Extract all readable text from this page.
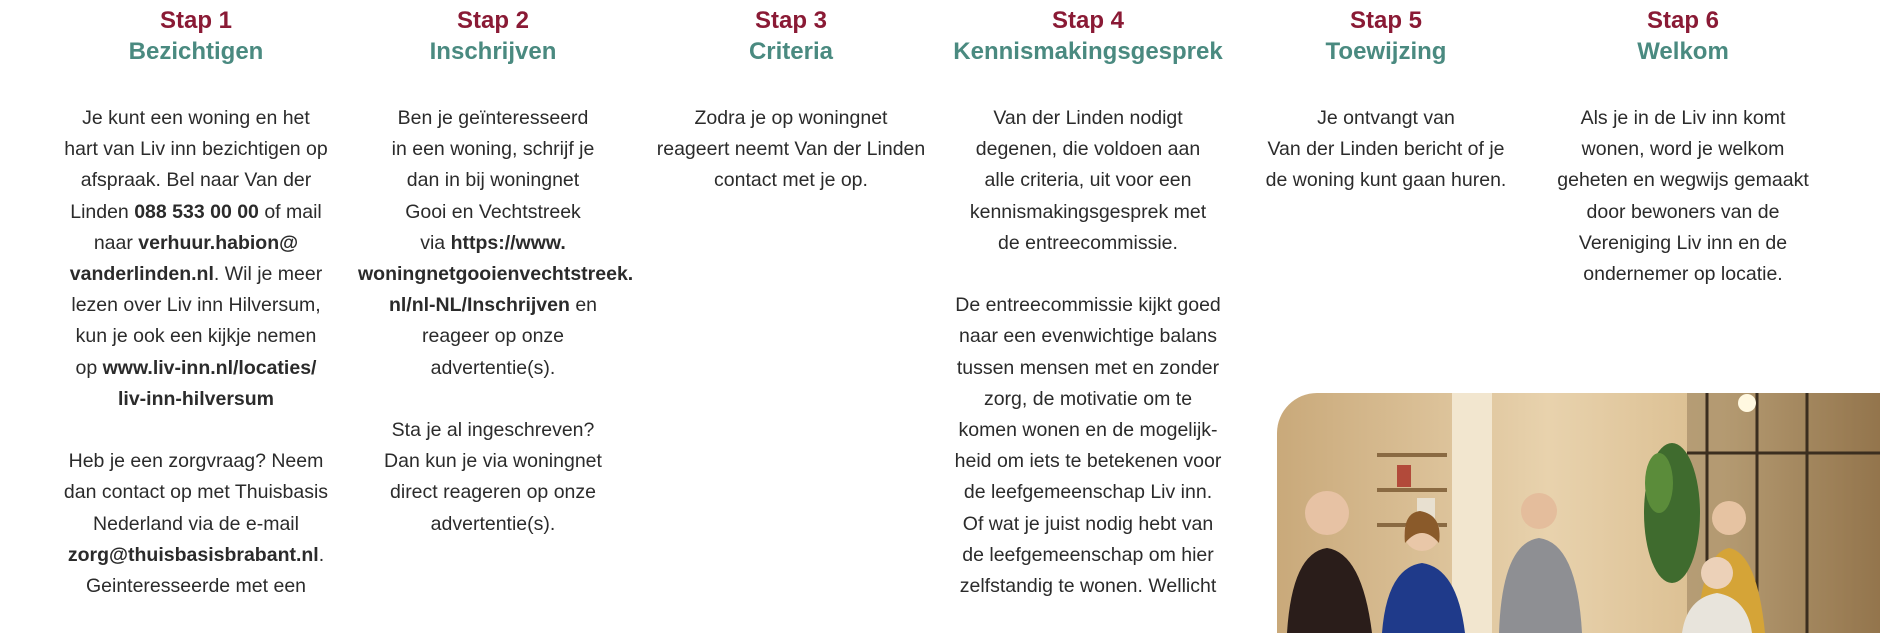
Stap 1
Bezichtigen

Je kunt een woning en het
hart van Liv inn bezichtigen op
afspraak. Bel naar Van der
Linden 088 533 00 00 of mail
naar verhuur.habion@
vanderlinden.nl. Wil je meer
lezen over Liv inn Hilversum,
kun je ook een kijkje nemen
op www.liv-inn.nl/locaties/
liv-inn-hilversum

Heb je een zorgvraag? Neem
dan contact op met Thuisbasis
Nederland via de e-mail
zorg@thuisbasisbrabant.nl.
Geinteresseerde met een

Stap 2
Inschrijven

Ben je geïnteresseerd
in een woning, schrijf je
dan in bij woningnet
Gooi en Vechtstreek
via https://www.
woningnetgooienvechtstreek.
nl/nl-NL/Inschrijven en
reageer op onze advertentie(s).

Sta je al ingeschreven?
Dan kun je via woningnet
direct reageren op onze
advertentie(s).

Stap 3
Criteria

Zodra je op woningnet
reageert neemt Van der Linden
contact met je op.

Stap 4
Kennismakingsgesprek

Van der Linden nodigt
degenen, die voldoen aan
alle criteria, uit voor een
kennismakingsgesprek met
de entreecommissie.

De entreecommissie kijkt goed
naar een evenwichtige balans
tussen mensen met en zonder
zorg, de motivatie om te
komen wonen en de mogelijk-
heid om iets te betekenen voor
de leefgemeenschap Liv inn.
Of wat je juist nodig hebt van
de leefgemeenschap om hier
zelfstandig te wonen. Wellicht

Stap 5
Toewijzing

Je ontvangt van
Van der Linden bericht of je
de woning kunt gaan huren.

Stap 6
Welkom

Als je in de Liv inn komt
wonen, word je welkom
geheten en wegwijs gemaakt
door bewoners van de
Vereniging Liv inn en de
ondernemer op locatie.
